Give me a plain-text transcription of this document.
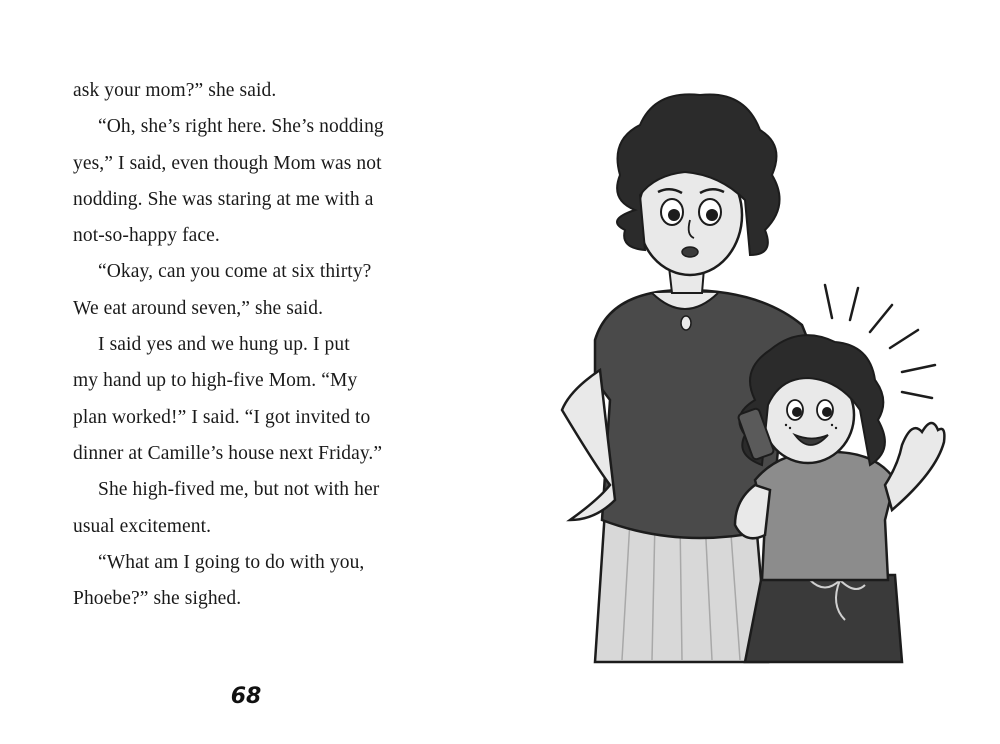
ask your mom?” she said.
“Oh, she’s right here. She’s nodding
yes,” I said, even though Mom was not
nodding. She was staring at me with a
not-so-happy face.
“Okay, can you come at six thirty?
We eat around seven,” she said.
I said yes and we hung up. I put
my hand up to high-five Mom. “My
plan worked!” I said. “I got invited to
dinner at Camille’s house next Friday.”
She high-fived me, but not with her
usual excitement.
“What am I going to do with you,
Phoebe?” she sighed.
68
